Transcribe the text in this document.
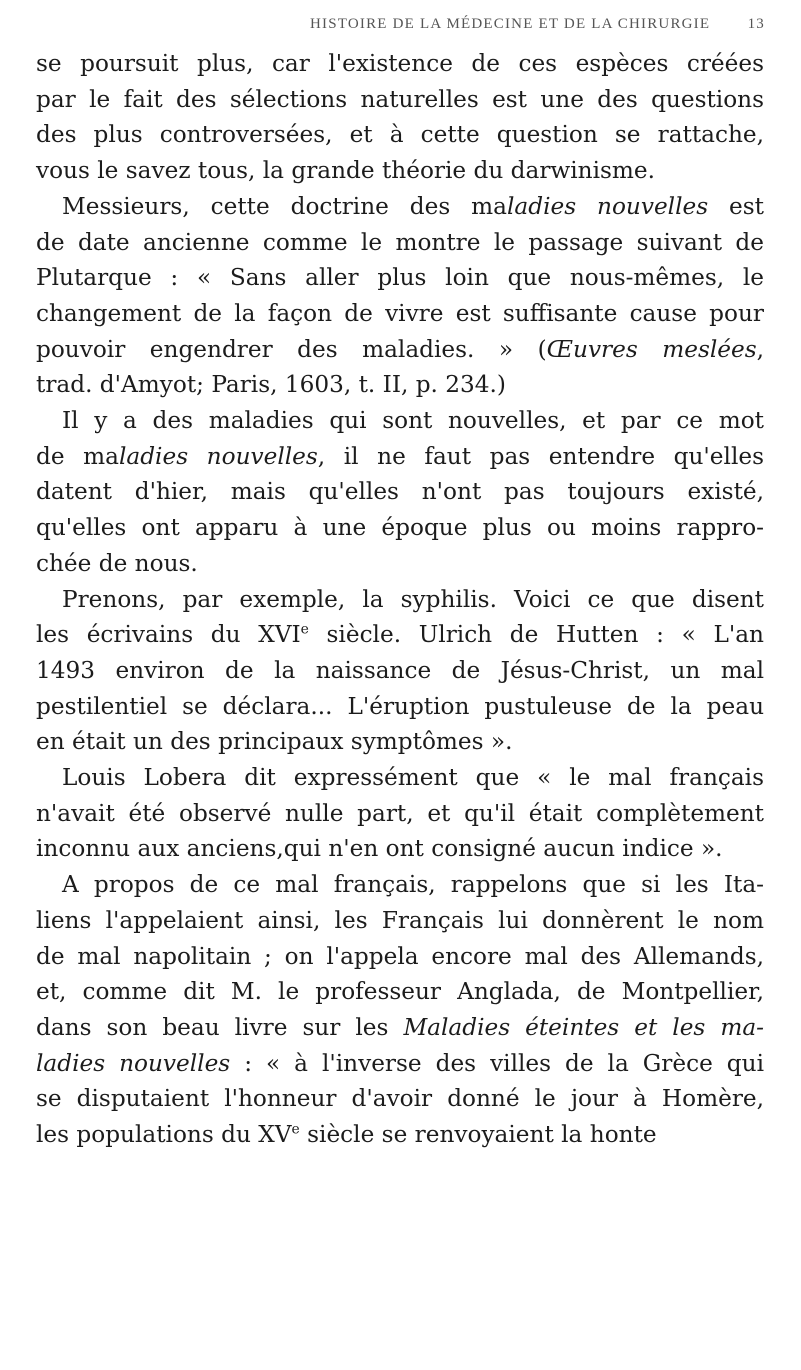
HISTOIRE DE LA MÉDECINE ET DE LA CHIRURGIE 13

se poursuit plus, car l'existence de ces espèces créées
par le fait des sélections naturelles est une des questions
des plus controversées, et à cette question se rattache,
vous le savez tous, la grande théorie du darwinisme.

Messieurs, cette doctrine des maladies nouvelles est
de date ancienne comme le montre le passage suivant de
Plutarque : « Sans aller plus loin que nous-mêmes, le
changement de la façon de vivre est suffisante cause pour
pouvoir engendrer des maladies. » (Œuvres meslées,
trad. d'Amyot; Paris, 1603, t. II, p. 234.)

Il y a des maladies qui sont nouvelles, et par ce mot
de maladies nouvelles, il ne faut pas entendre qu'elles
datent d'hier, mais qu'elles n'ont pas toujours existé,
qu'elles ont apparu à une époque plus ou moins rappro-
chée de nous.

Prenons, par exemple, la syphilis. Voici ce que disent
les écrivains du XVIe siècle. Ulrich de Hutten : « L'an
1493 environ de la naissance de Jésus-Christ, un mal
pestilentiel se déclara... L'éruption pustuleuse de la peau
en était un des principaux symptômes ».

Louis Lobera dit expressément que « le mal français
n'avait été observé nulle part, et qu'il était complètement
inconnu aux anciens,qui n'en ont consigné aucun indice ».

A propos de ce mal français, rappelons que si les Ita-
liens l'appelaient ainsi, les Français lui donnèrent le nom
de mal napolitain ; on l'appela encore mal des Allemands,
et, comme dit M. le professeur Anglada, de Montpellier,
dans son beau livre sur les Maladies éteintes et les ma-
ladies nouvelles : « à l'inverse des villes de la Grèce qui
se disputaient l'honneur d'avoir donné le jour à Homère,
les populations du XVe siècle se renvoyaient la honte
